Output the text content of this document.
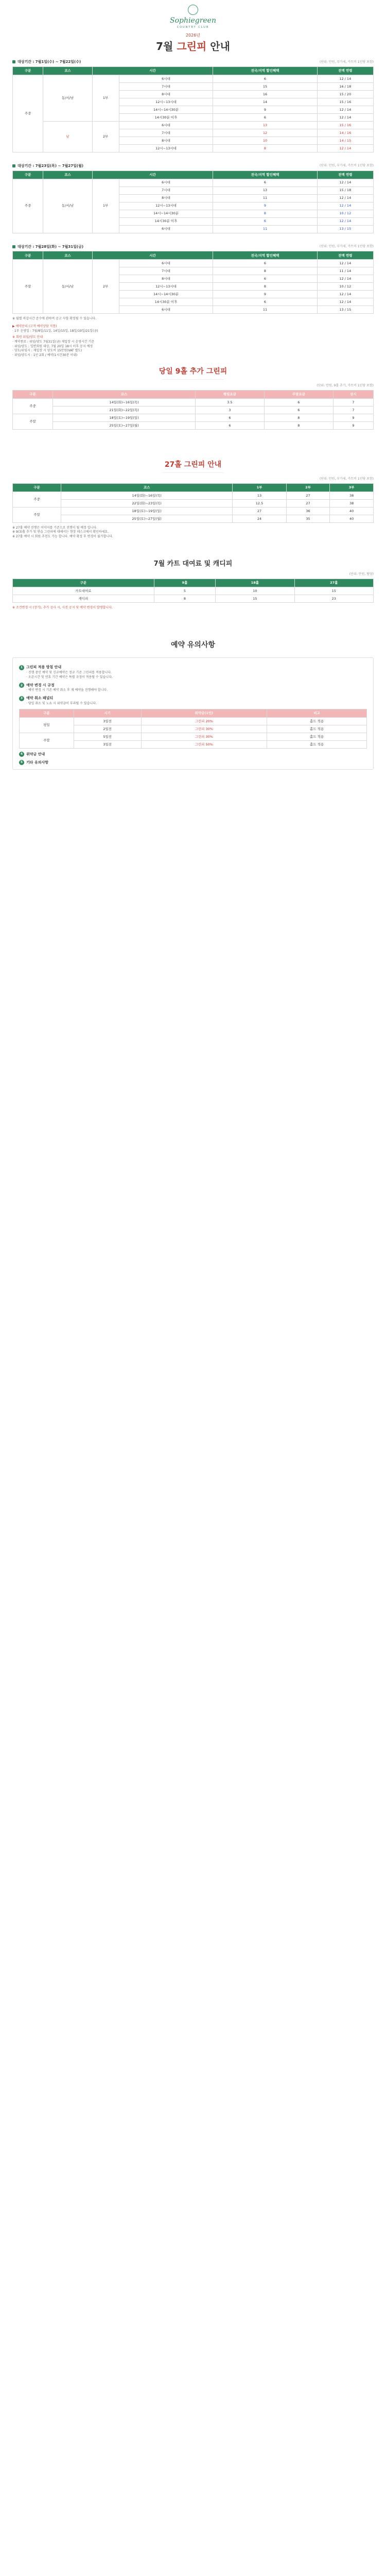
Sophiegreen
COUNTRY CLUB
2026년
7월 그린피 안내
대상기간 : 7월1일(수) ~ 7월22일(수)	(단위: 만원, 부가세, 카트비 1인당 포함)
구분	코스	시간		전국/지역 할인혜택	전액 연령
주중	동/서/남	1부	6시대	6	12 / 14
			7시대	15	16 / 18
			8시대	16	15 / 20
			12시~13시대	14	15 / 16
			14시~14시30분	9	12 / 14
			14시30분 이후	6	12 / 14
	남	2부	6시대	13	15 / 16
			7시대	12	14 / 16
			8시대	10	14 / 15
			12시~13시대	8	12 / 14
대상기간 : 7월23일(목) ~ 7월27일(월)	(단위: 만원, 부가세, 카트비 1인당 포함)
구분	코스	시간		전국/지역 할인혜택	전액 연령
주중	동/서/남	1부	6시대	6	12 / 14
			7시대	13	15 / 18
			8시대	11	12 / 14
			12시~13시대	9	12 / 14
			14시~14시30분	8	10 / 12
			14시30분 이후	6	12 / 14
			6시대	11	13 / 15
대상기간 : 7월28일(화) ~ 7월31일(금)	(단위: 만원, 부가세, 카트비 1인당 포함)
구분	코스	시간		전국/지역 할인혜택	전액 연령
주말	동/서/남	2부	6시대	6	12 / 14
			7시대	8	11 / 14
			8시대	6	12 / 14
			12시~13시대	8	10 / 12
			14시~14시30분	9	12 / 14
			14시30분 이후	6	12 / 14
			6시대	11	13 / 15
※ 월별 마감시간 준수에 관하여 공고 사항 확정될 수 있습니다.
▶ 예약문의 (고객 예약상담 직통)
· 1부 운영일 : 7월/8일/11일, 14일/15일, 18일/19일/21일(금)
※ 회원 위임/양도 안내
· 계약종료 : 위임/양도 7월31일(금) 재입장 시 운영시간 기준
· 위임/양도 : 일반회원 대상, 7월 20일 18시 이후 공지 예정
· 양도/위임시 : 재입장 시 양도비 15만원(VAT 별도)
· 위임/양도시 : 1인 2회 / 예약(1시간30분 이내)
당일 9홀 추가 그린피
(단위: 만원, 9홀 추가, 카트비 1인당 포함)
구분	코스	평일요금	주말요금	상시
주중	14일(화)~16일(목)	3.5	6	7
	21일(화)~22일(목)	3	6	7
주말	18일(토)~19일(일)	6	8	9
	25일(토)~27일(월)	6	8	9
27홀 그린피 안내
(단위: 만원, 부가세, 카트비 1인당 포함)
구분	코스	1부	2부	3부
주중	14일(화)~16일(목)	13	27	38
	22일(화)~23일(목)	12.5	27	38
주말	18일(토)~19일(일)	27	36	40
	25일(토)~27일(월)	24	35	40
※ 27홀 예약 진행은 이약지를 기준으로 진행이 될 예정 입니다.
※ 9(3)홀 추가 및 연습 그린피에 대해서는 현장 데스크에서 확인하세요.
※ 27홀 예약 시 회원 추천도 가능 합니다. 예약 확정 후 변경이 불가합니다.
7월 카트 대여료 및 캐디피
(단위: 만원, 팀당)
구분	9홀	18홀	27홀
카트대여료	5	10	15
캐디피	8	15	23
※ 조건변경 시 (장기), 추가 공사 시, 사전 공지 및 예약 변경이 발생합니다.
예약 유의사항
1 그린피 적용 방침 안내
· 진행 중인 예약 및 신규예약은 정규 기준 그린피를 적용합니다.
· 오픈시간 및 연휴 기간 예약은 특별 규정이 적용될 수 있습니다.
2 예약 변경 시 규정
· 예약 변경 시 기존 예약 취소 후 재 예약을 진행해야 합니다.
3 예약 취소 패널티
· 당일 취소 및 노쇼 시 위약금이 부과될 수 있습니다.
구분	시기	위약금(1인)	비고
평일	3일전	그린피 20%	홀드 적용
	2일전	그린피 30%	홀드 적용
주말	5일전	그린피 30%	홀드 적용
	3일전	그린피 50%	홀드 적용
4 위약금 안내
5 기타 유의사항
